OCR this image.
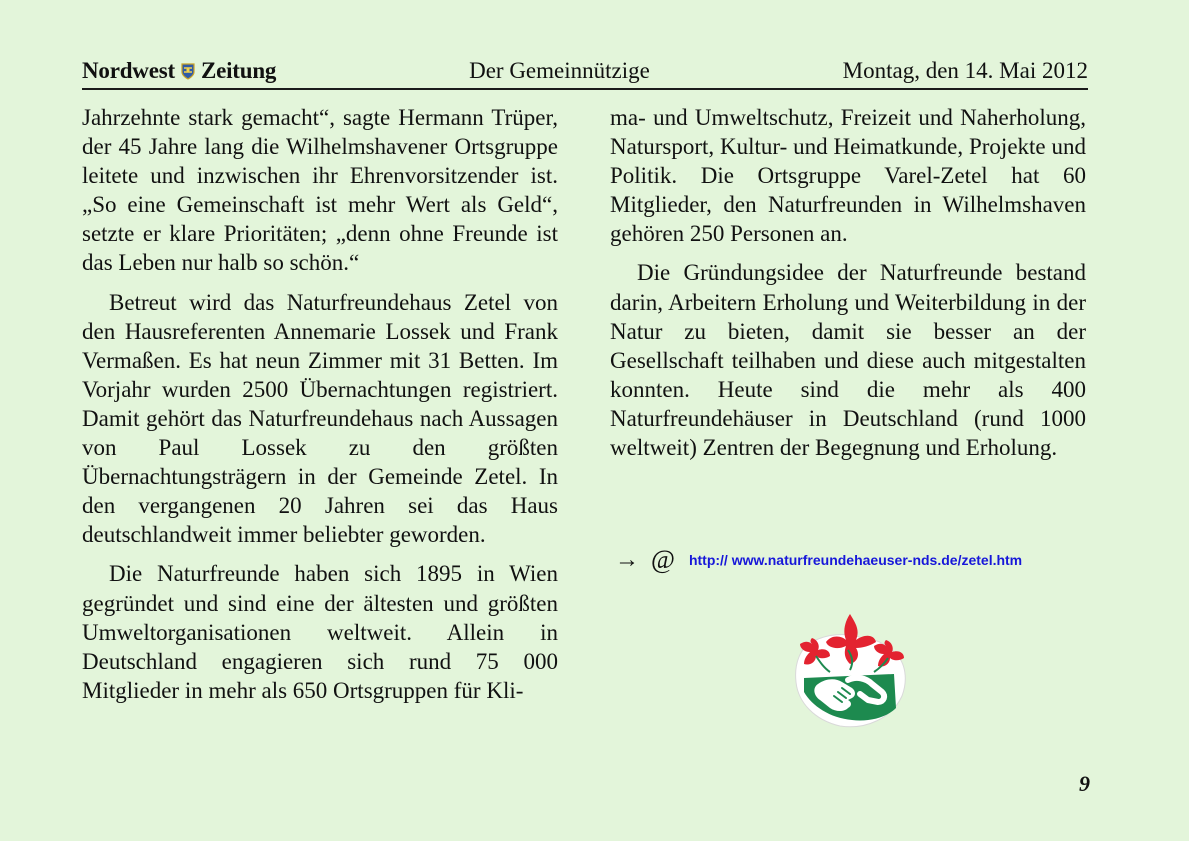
Nordwest Zeitung	Der Gemeinnützige	Montag, den 14. Mai 2012

Jahrzehnte stark gemacht“, sagte Hermann Trüper, der 45 Jahre lang die Wilhelmshavener Ortsgruppe leitete und inzwischen ihr Ehrenvorsitzender ist. „So eine Gemeinschaft ist mehr Wert als Geld“, setzte er klare Prioritäten; „denn ohne Freunde ist das Leben nur halb so schön.“

Betreut wird das Naturfreundehaus Zetel von den Hausreferenten Annemarie Lossek und Frank Vermaßen. Es hat neun Zimmer mit 31 Betten. Im Vorjahr wurden 2500 Übernachtungen registriert. Damit gehört das Naturfreundehaus nach Aussagen von Paul Lossek zu den größten Übernachtungsträgern in der Gemeinde Zetel. In den vergangenen 20 Jahren sei das Haus deutschlandweit immer beliebter geworden.

Die Naturfreunde haben sich 1895 in Wien gegründet und sind eine der ältesten und größten Umweltorganisationen weltweit. Allein in Deutschland engagieren sich rund 75 000 Mitglieder in mehr als 650 Ortsgruppen für Kli-

ma- und Umweltschutz, Freizeit und Naherholung, Natursport, Kultur- und Heimatkunde, Projekte und Politik. Die Ortsgruppe Varel-Zetel hat 60 Mitglieder, den Naturfreunden in Wilhelmshaven gehören 250 Personen an.

Die Gründungsidee der Naturfreunde bestand darin, Arbeitern Erholung und Weiterbildung in der Natur zu bieten, damit sie besser an der Gesellschaft teilhaben und diese auch mitgestalten konnten. Heute sind die mehr als 400 Naturfreundehäuser in Deutschland (rund 1000 weltweit) Zentren der Begegnung und Erholung.

→ @ http:// www.naturfreundehaeuser-nds.de/zetel.htm
9
